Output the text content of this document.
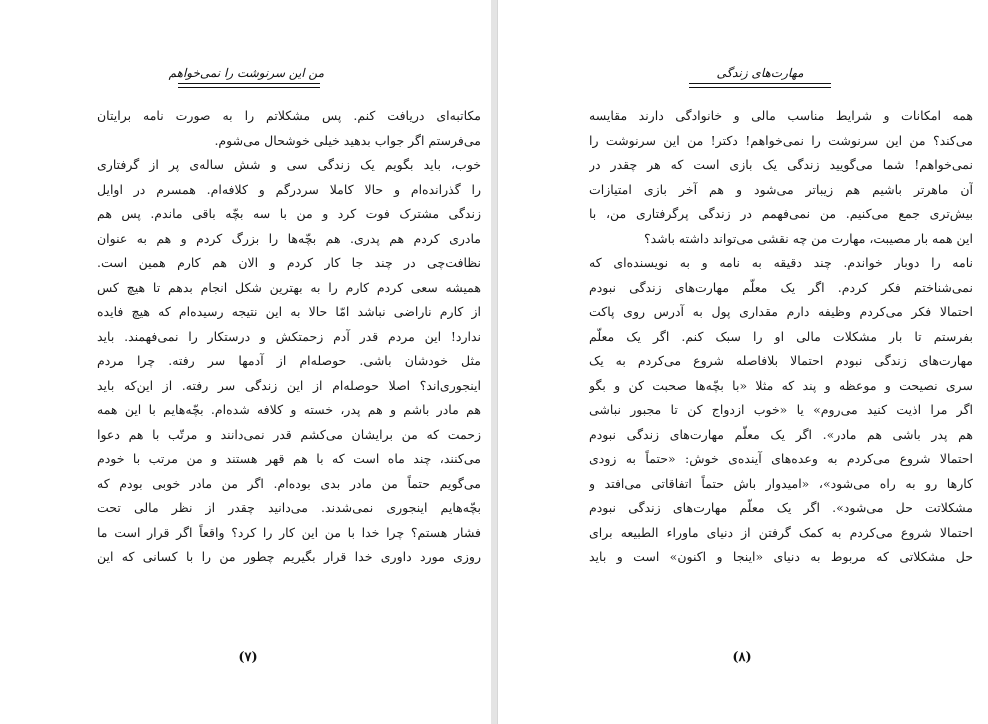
من این سرنوشت را نمی‌خواهم
مکاتبه‌ای دریافت کنم. پس مشکلاتم را به صورت نامه برایتان
می‌فرستم اگر جواب بدهید خیلی خوشحال می‌شوم.
خوب، باید بگویم یک زندگی سی و شش ساله‌ی پر از گرفتاری
را گذرانده‌ام و حالا کاملا سردرگم و کلافه‌ام. همسرم در اوایل
زندگی مشترک فوت کرد و من با سه بچّه باقی ماندم. پس هم
مادری کردم هم پدری. هم بچّه‌ها را بزرگ کردم و هم به عنوان
نظافت‌چی در چند جا کار کردم و الان هم کارم همین است.
همیشه سعی کردم کارم را به بهترین شکل انجام بدهم تا هیچ کس
از کارم ناراضی نباشد امّا حالا به این نتیجه رسیده‌ام که هیچ فایده
ندارد! این مردم قدر آدم زحمتکش و درستکار را نمی‌فهمند. باید
مثل خودشان باشی. حوصله‌ام از آدمها سر رفته. چرا مردم
اینجوری‌اند؟ اصلا حوصله‌ام از این زندگی سر رفته. از این‌که باید
هم مادر باشم و هم پدر، خسته و کلافه شده‌ام. بچّه‌هایم با این همه
زحمت که من برایشان می‌کشم قدر نمی‌دانند و مرتّب با هم دعوا
می‌کنند، چند ماه است که با هم قهر هستند و من مرتب با خودم
می‌گویم حتماً من مادر بدی بوده‌ام. اگر من مادر خوبی بودم که
بچّه‌هایم اینجوری نمی‌شدند. می‌دانید چقدر از نظر مالی تحت
فشار هستم؟ چرا خدا با من این کار را کرد؟ واقعاً اگر قرار است ما
روزی مورد داوری خدا قرار بگیریم چطور من را با کسانی که این
(۷)
مهارت‌های زندگی
همه امکانات و شرایط مناسب مالی و خانوادگی دارند مقایسه
می‌کند؟ من این سرنوشت را نمی‌خواهم! دکتر! من این سرنوشت را
نمی‌خواهم! شما می‌گویید زندگی یک بازی است که هر چقدر در
آن ماهرتر باشیم هم زیباتر می‌شود و هم آخر بازی امتیازات
بیش‌تری جمع می‌کنیم. من نمی‌فهمم در زندگی پرگرفتاری من، با
این همه بار مصیبت، مهارت من چه نقشی می‌تواند داشته باشد؟
نامه را دوبار خواندم. چند دقیقه به نامه و به نویسنده‌ای که
نمی‌شناختم فکر کردم. اگر یک معلّم مهارت‌های زندگی نبودم
احتمالا فکر می‌کردم وظیفه دارم مقداری پول به آدرس روی پاکت
بفرستم تا بار مشکلات مالی او را سبک کنم. اگر یک معلّم
مهارت‌های زندگی نبودم احتمالا بلافاصله شروع می‌کردم به یک
سری نصیحت و موعظه و پند که مثلا «با بچّه‌ها صحبت کن و بگو
اگر مرا اذیت کنید می‌روم» یا «خوب ازدواج کن تا مجبور نباشی
هم پدر باشی هم مادر». اگر یک معلّم مهارت‌های زندگی نبودم
احتمالا شروع می‌کردم به وعده‌های آینده‌ی خوش: «حتماً به زودی
کارها رو به راه می‌شود»، «امیدوار باش حتماً اتفاقاتی می‌افتد و
مشکلاتت حل می‌شود». اگر یک معلّم مهارت‌های زندگی نبودم
احتمالا شروع می‌کردم به کمک گرفتن از دنیای ماوراء الطبیعه برای
حل مشکلاتی که مربوط به دنیای «اینجا و اکنون» است و باید
(۸)
